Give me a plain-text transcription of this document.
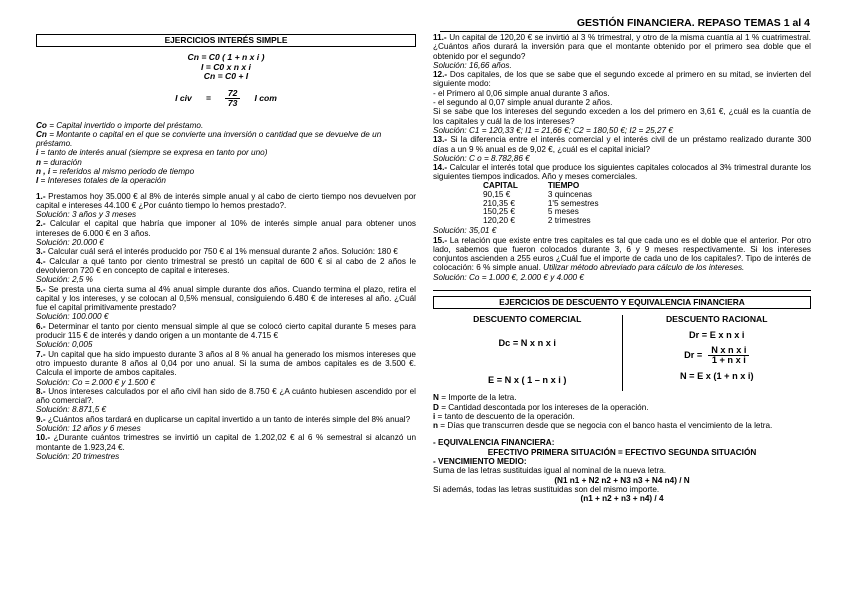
GESTIÓN FINANCIERA. REPASO TEMAS 1 al 4
EJERCICIOS INTERÉS SIMPLE
Cn = C0 ( 1 + n x i )
I = C0 x n x i
Cn = C0 + I
I civ = $\frac{72}{73}$ I com
Co = Capital invertido o importe del préstamo.
Cn = Montante o capital en el que se convierte una inversión o cantidad que se devuelve de un préstamo.
i = tanto de interés anual (siempre se expresa en tanto por uno)
n = duración
n , i = referidos al mismo periodo de tiempo
I = Intereses totales de la operación

1.- Prestamos hoy 35.000 € al 8% de interés simple anual y al cabo de cierto tiempo nos devuelven por capital e intereses 44.100 € ¿Por cuánto tiempo lo hemos prestado?.

Solución: 3 años y 3 meses

2.- Calcular el capital que habría que imponer al 10% de interés simple anual para obtener unos intereses de 6.000 € en 3 años.

Solución: 20.000 €

3.- Calcular cuál será el interés producido por 750 € al 1% mensual durante 2 años. Solución: 180 €

4.- Calcular a qué tanto por ciento trimestral se prestó un capital de 600 € si al cabo de 2 años le devolvieron 720 € en concepto de capital e intereses.

Solución: 2,5 %

5.- Se presta una cierta suma al 4% anual simple durante dos años. Cuando termina el plazo, retira el capital y los intereses, y se colocan al 0,5% mensual, consiguiendo 6.480 € de intereses al año. ¿Cuál fue el capital primitivamente prestado?

Solución: 100.000 €

6.- Determinar el tanto por ciento mensual simple al que se colocó cierto capital durante 5 meses para producir 115 € de interés y dando origen a un montante de 4.715 €

Solución: 0,005

7.- Un capital que ha sido impuesto durante 3 años al 8 % anual ha generado los mismos intereses que otro impuesto durante 8 años al 0,04 por uno anual. Si la suma de ambos capitales es de 3.500 €. Calcula el importe de ambos capitales.

Solución: Co = 2.000 € y 1.500 €

8.- Unos intereses calculados por el año civil han sido de 8.750 € ¿A cuánto hubiesen ascendido por el año comercial?.

Solución: 8.871,5 €

9.- ¿Cuántos años tardará en duplicarse un capital invertido a un tanto de interés simple del 8% anual?

Solución: 12 años y 6 meses

10.- ¿Durante cuántos trimestres se invirtió un capital de 1.202,02 € al 6 % semestral si alcanzó un montante de 1.923,24 €.

Solución: 20 trimestres

11.- Un capital de 120,20 € se invirtió al 3 % trimestral, y otro de la misma cuantía al 1 % cuatrimestral. ¿Cuántos años durará la inversión para que el montante obtenido por el primero sea doble que el obtenido por el segundo?

Solución: 16,66 años.

12.- Dos capitales, de los que se sabe que el segundo excede al primero en su mitad, se invierten del siguiente modo:

- el Primero al 0,06 simple anual durante 3 años.

- el segundo al 0,07 simple anual durante 2 años.

Si se sabe que los intereses del segundo exceden a los del primero en 3,61 €, ¿cuál es la cuantía de los capitales y cuál la de los intereses?

Solución: C1 = 120,33 €; I1 = 21,66 €; C2 = 180,50 €; I2 = 25,27 €

13.- Si la diferencia entre el interés comercial y el interés civil de un préstamo realizado durante 300 días a un 9 % anual es de 9,02 €, ¿cuál es el capital inicial?

Solución: C o = 8.782,86 €

14.- Calcular el interés total que produce los siguientes capitales colocados al 3% trimestral durante los siguientes tiempos indicados. Año y meses comerciales.

CAPITAL	TIEMPO
90,15 €	3 quincenas
210,35 €	1'5 semestres
150,25 €	5 meses
120,20 €	2 trimestres

Solución: 35,01 €

15.- La relación que existe entre tres capitales es tal que cada uno es el doble que el anterior. Por otro lado, sabemos que fueron colocados durante 3, 6 y 9 meses respectivamente. Si los intereses conjuntos ascienden a 255 euros ¿Cuál fue el importe de cada uno de los capitales?. Tipo de interés de colocación: 6 % simple anual. Utilizar método abreviado para cálculo de los intereses.

Solución: Co = 1.000 €, 2.000 € y 4.000 €

EJERCICIOS DE DESCUENTO Y EQUIVALENCIA FINANCIERA
DESCUENTO COMERCIAL
Dc = N x n x i
E = N x ( 1 – n x i )
DESCUENTO RACIONAL
Dr = E x n x i
$Dr = \frac{\text{N x n x i}}{\text{1 + n x i}}$
N = E x (1 + n x i)
N = Importe de la letra.
D = Cantidad descontada por los intereses de la operación.
i = tanto de descuento de la operación.
n = Días que transcurren desde que se negocia con el banco hasta el vencimiento de la letra.
- EQUIVALENCIA FINANCIERA:
EFECTIVO PRIMERA SITUACIÓN = EFECTIVO SEGUNDA SITUACIÓN
- VENCIMIENTO MEDIO:
Suma de las letras sustituidas igual al nominal de la nueva letra.
(N1 n1 + N2 n2 + N3 n3 + N4 n4) / N
Si además, todas las letras sustituidas son del mismo importe.
(n1 + n2 + n3 + n4) / 4
